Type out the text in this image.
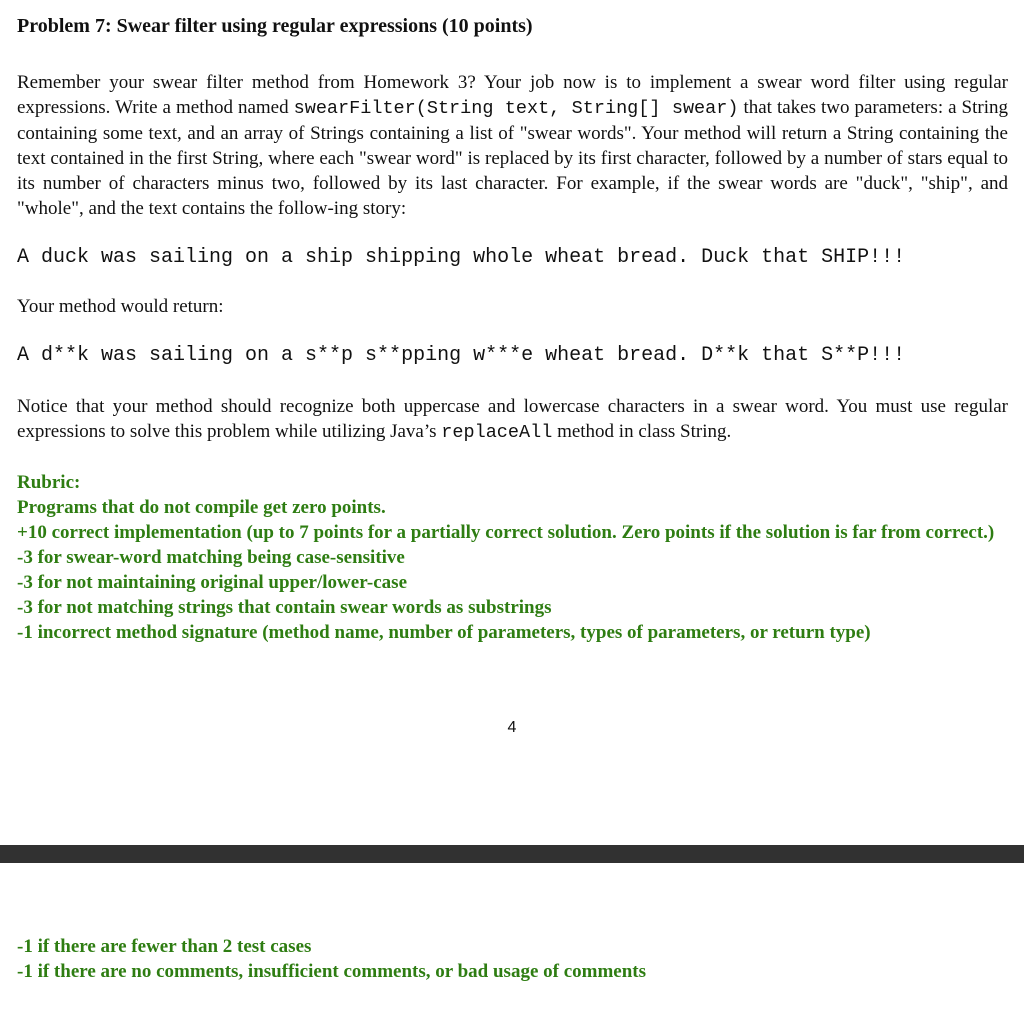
Problem 7: Swear filter using regular expressions (10 points)

Remember your swear filter method from Homework 3? Your job now is to implement a swear word filter using regular expressions. Write a method named swearFilter(String text, String[] swear) that takes two parameters: a String containing some text, and an array of Strings containing a list of "swear words". Your method will return a String containing the text contained in the first String, where each "swear word" is replaced by its first character, followed by a number of stars equal to its number of characters minus two, followed by its last character. For example, if the swear words are "duck", "ship", and "whole", and the text contains the follow-ing story:

A duck was sailing on a ship shipping whole wheat bread. Duck that SHIP!!!

Your method would return:

A d**k was sailing on a s**p s**pping w***e wheat bread. D**k that S**P!!!

Notice that your method should recognize both uppercase and lowercase characters in a swear word. You must use regular expressions to solve this problem while utilizing Java’s replaceAll method in class String.

Rubric:
Programs that do not compile get zero points.
+10 correct implementation (up to 7 points for a partially correct solution. Zero points if the solution is far from correct.)
-3 for swear-word matching being case-sensitive
-3 for not maintaining original upper/lower-case
-3 for not matching strings that contain swear words as substrings
-1 incorrect method signature (method name, number of parameters, types of parameters, or return type)
4
-1 if there are fewer than 2 test cases
-1 if there are no comments, insufficient comments, or bad usage of comments
